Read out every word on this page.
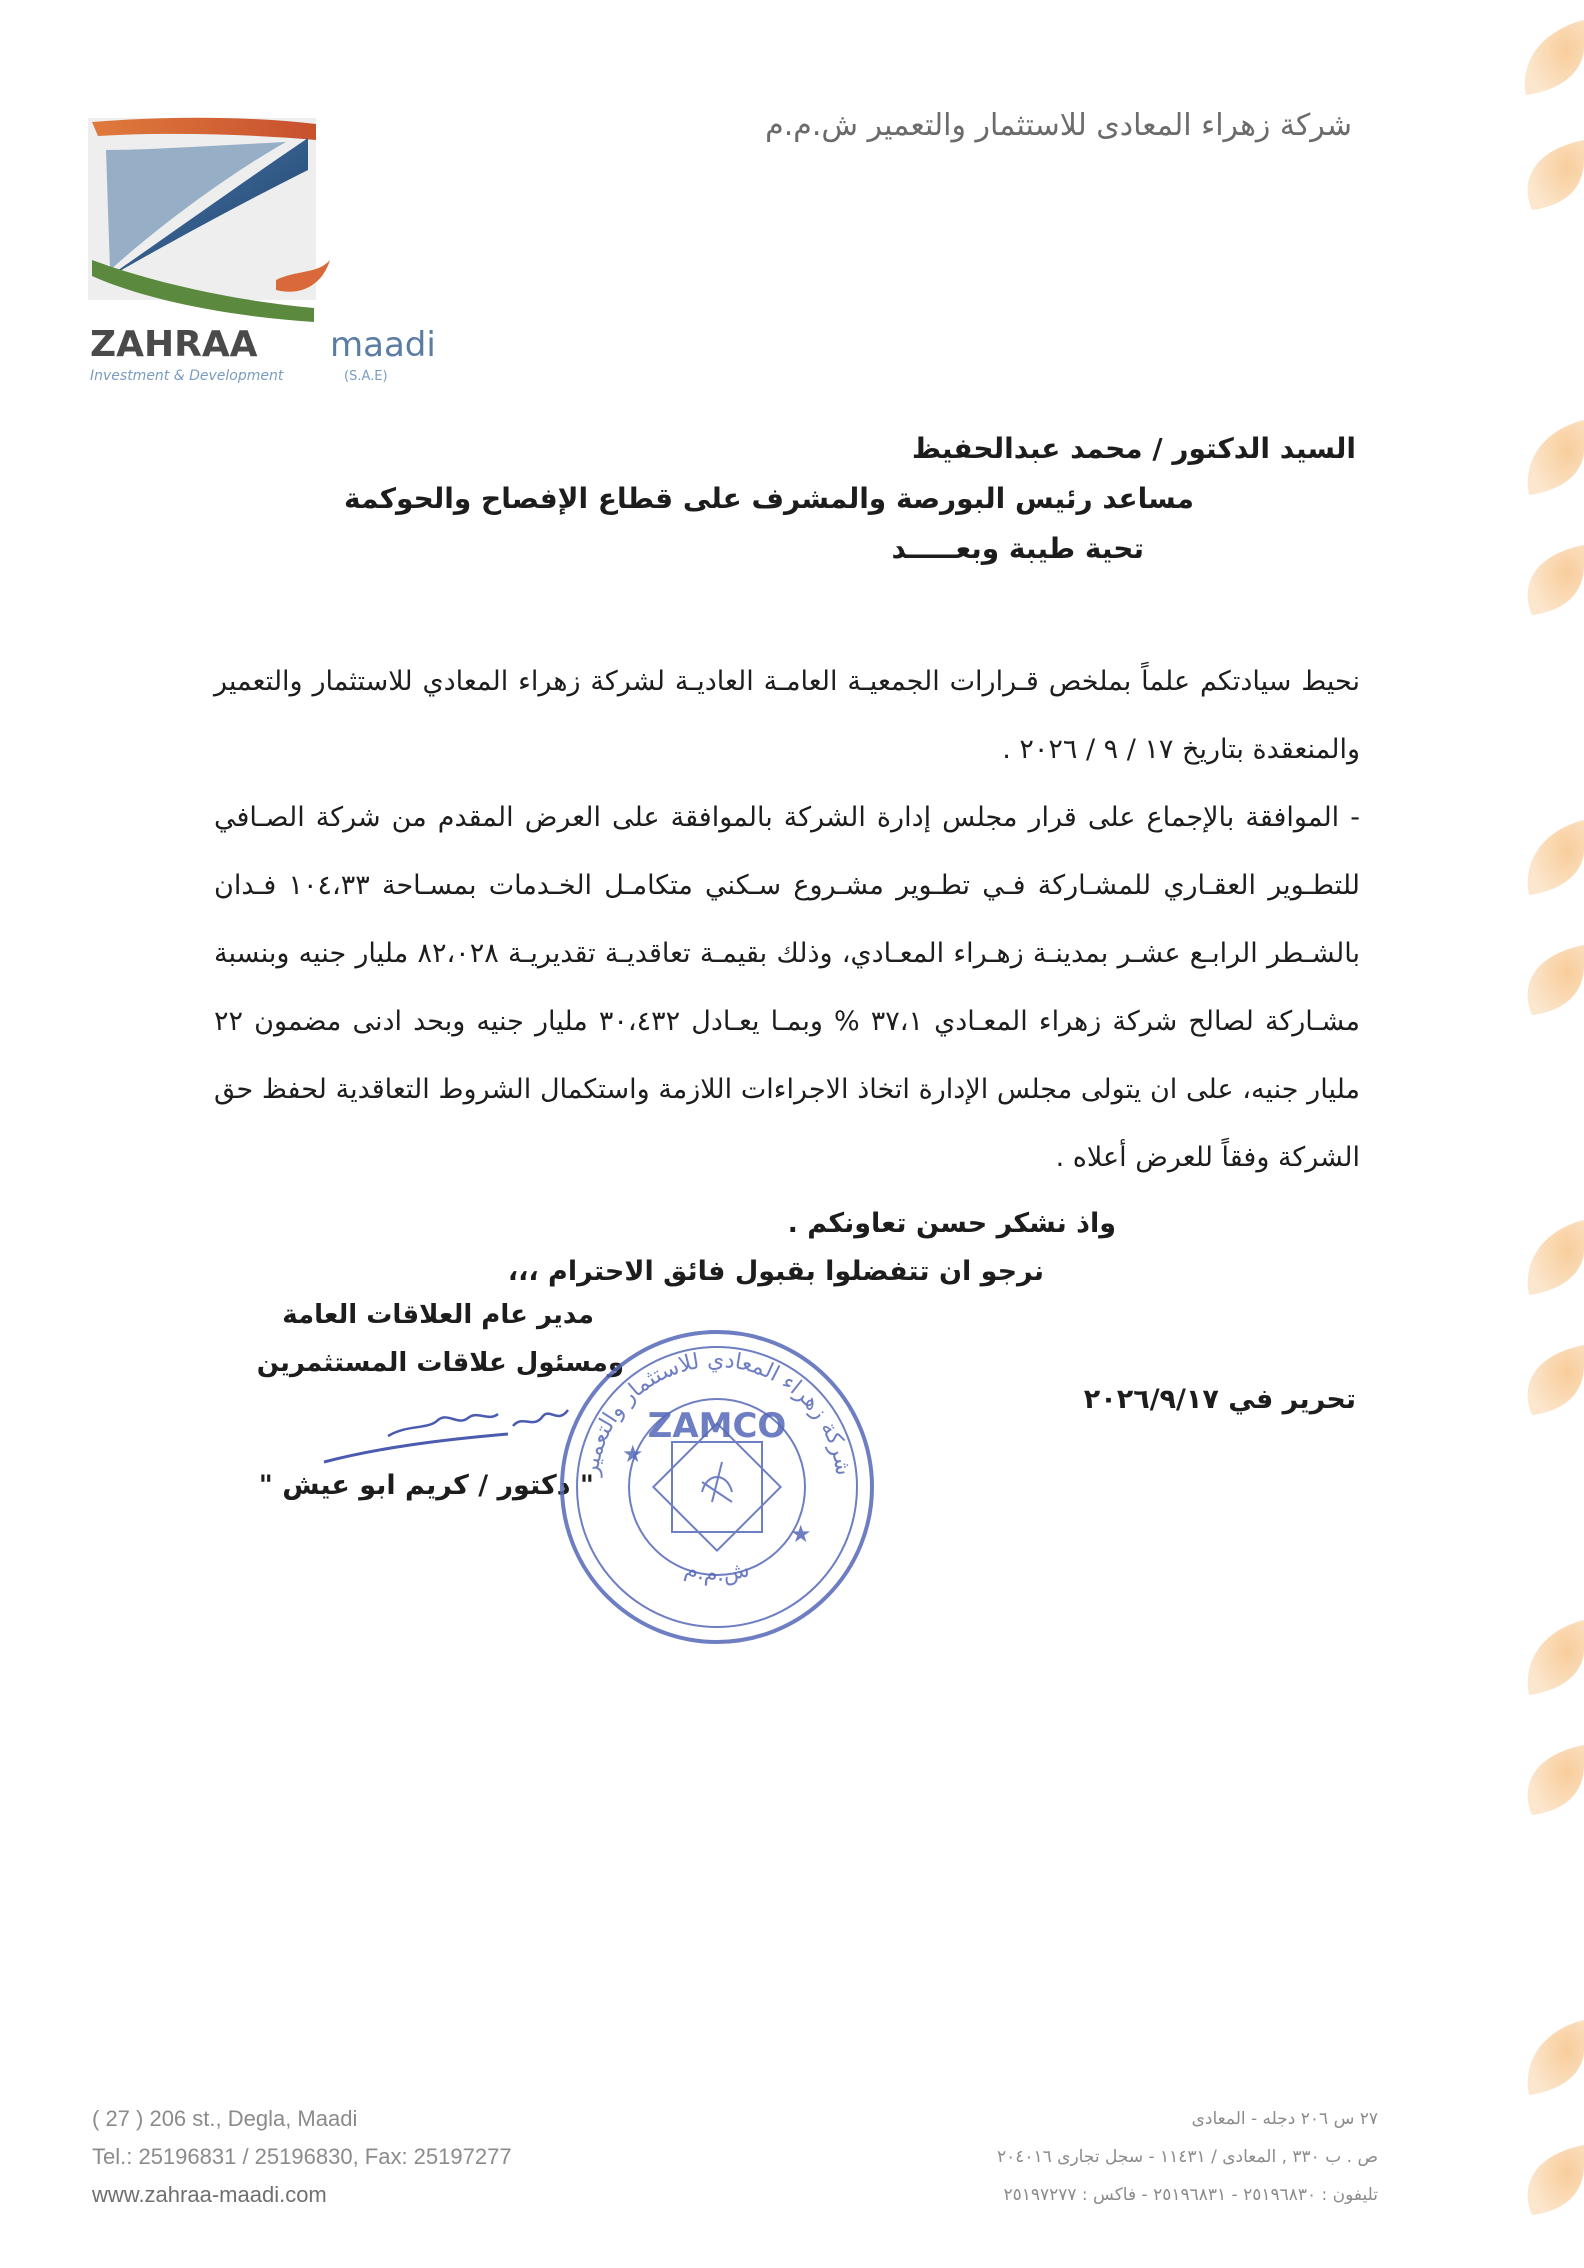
شركة زهراء المعادى للاستثمار والتعمير ش.م.م
ZAHRAA maadi
Investment & Development	(S.A.E)
السيد الدكتور / محمد عبدالحفيظ
مساعد رئيس البورصة والمشرف على قطاع الإفصاح والحوكمة
تحية طيبة وبعـــــد

نحيط سيادتكم علماً بملخص قـرارات الجمعيـة العامـة العاديـة لشركة زهراء المعادي للاستثمار والتعمير والمنعقدة بتاريخ ١٧ / ٩ / ٢٠٢٦ .

- الموافقة بالإجماع على قرار مجلس إدارة الشركة بالموافقة على العرض المقدم من شركة الصـافي للتطـوير العقـاري للمشـاركة فـي تطـوير مشـروع سـكني متكامـل الخـدمات بمسـاحة ١٠٤،٣٣ فـدان بالشـطر الرابـع عشـر بمدينـة زهـراء المعـادي، وذلك بقيمـة تعاقديـة تقديريـة ٨٢،٠٢٨ مليار جنيه وبنسبة مشـاركة لصالح شركة زهراء المعـادي ٣٧،١ % وبمـا يعـادل ٣٠،٤٣٢ مليار جنيه وبحد ادنى مضمون ٢٢ مليار جنيه، على ان يتولى مجلس الإدارة اتخاذ الاجراءات اللازمة واستكمال الشروط التعاقدية لحفظ حق الشركة وفقاً للعرض أعلاه .

واذ نشكر حسن تعاونكم .
نرجو ان تتفضلوا بقبول فائق الاحترام ،،،
مدير عام العلاقات العامة
ومسئول علاقات المستثمرين
" دكتور / كريم ابو عيش "
تحرير في ٢٠٢٦/٩/١٧
شركة زهراء المعادي للاستثمار والتعمير
ZAMCO
ش.م.م
★
★
( 27 ) 206 st., Degla, Maadi
Tel.: 25196831 / 25196830, Fax: 25197277
www.zahraa-maadi.com
٢٧ س ٢٠٦ دجله - المعادى
ص . ب ٣٣٠ , المعادى / ١١٤٣١ - سجل تجارى ٢٠٤٠١٦
تليفون : ٢٥١٩٦٨٣٠ - ٢٥١٩٦٨٣١ - فاكس : ٢٥١٩٧٢٧٧
